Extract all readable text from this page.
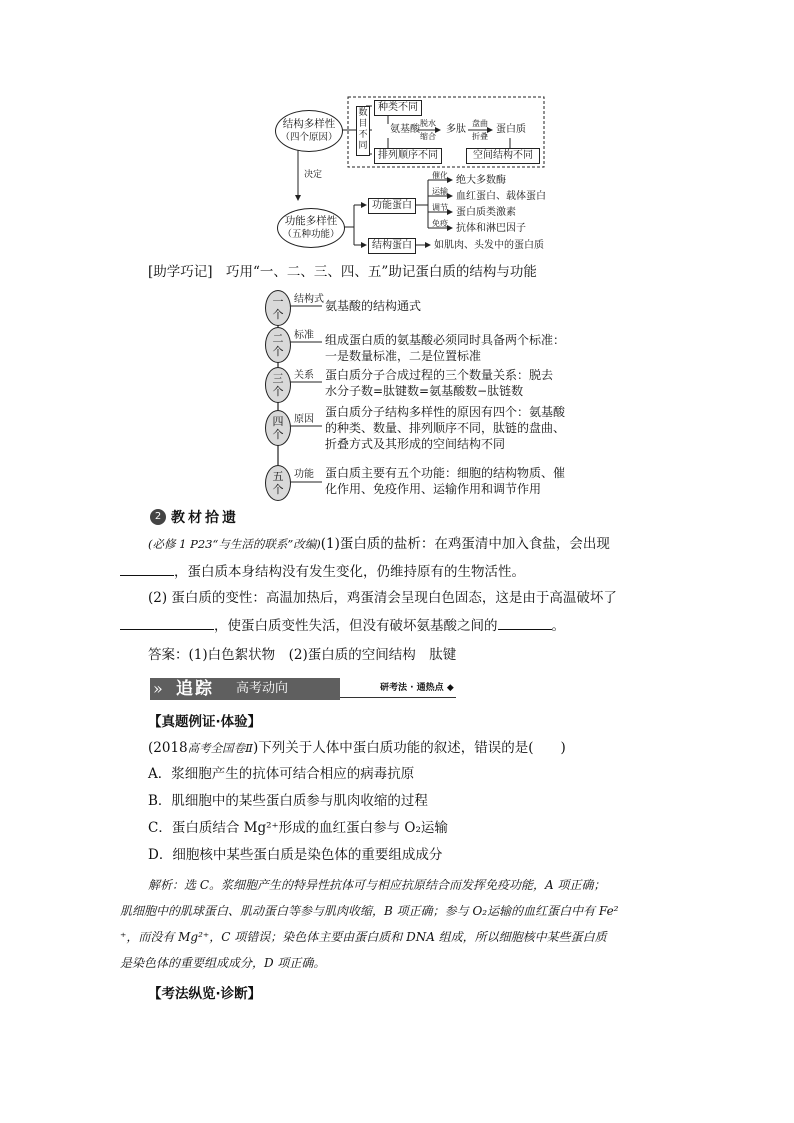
结构多样性
（四个原因）
决定
功能多样性
（五种功能）
数目不同
种类不同
氨基酸
脱水
缩合
多肽
盘曲
折叠
蛋白质
排列顺序不同	空间结构不同
功能蛋白
结构蛋白
催化
运输
调节
免疫
绝大多数酶
血红蛋白、载体蛋白
蛋白质类激素
抗体和淋巴因子
如肌肉、头发中的蛋白质
[助学巧记]　巧用“一、二、三、四、五”助记蛋白质的结构与功能
一
个
二
个
三
个
四
个
五
个
结构式
标准
关系
原因
功能
氨基酸的结构通式
组成蛋白质的氨基酸必须同时具备两个标准：
一是数量标准，二是位置标准
蛋白质分子合成过程的三个数量关系：脱去
水分子数=肽键数=氨基酸数−肽链数
蛋白质分子结构多样性的原因有四个：氨基酸
的种类、数量、排列顺序不同，肽链的盘曲、
折叠方式及其形成的空间结构不同
蛋白质主要有五个功能：细胞的结构物质、催
化作用、免疫作用、运输作用和调节作用
2 教材拾遗
(必修 1 P23“与生活的联系”改编)(1)蛋白质的盐析：在鸡蛋清中加入食盐，会出现
，蛋白质本身结构没有发生变化，仍维持原有的生物活性。
(2) 蛋白质的变性：高温加热后，鸡蛋清会呈现白色固态，这是由于高温破坏了
，使蛋白质变性失活，但没有破坏氨基酸之间的	。
答案：(1)白色絮状物　(2)蛋白质的空间结构　肽键
» 追踪 高考动向	研考法 · 通热点 ◆
【真题例证·体验】
(2018高考全国卷Ⅱ)下列关于人体中蛋白质功能的叙述，错误的是(　　)
A．浆细胞产生的抗体可结合相应的病毒抗原
B．肌细胞中的某些蛋白质参与肌肉收缩的过程
C．蛋白质结合 Mg²⁺形成的血红蛋白参与 O₂运输
D．细胞核中某些蛋白质是染色体的重要组成成分
解析：选 C。浆细胞产生的特异性抗体可与相应抗原结合而发挥免疫功能，A 项正确；
肌细胞中的肌球蛋白、肌动蛋白等参与肌肉收缩，B 项正确；参与 O₂运输的血红蛋白中有 Fe²
⁺，而没有 Mg²⁺，C 项错误；染色体主要由蛋白质和 DNA 组成，所以细胞核中某些蛋白质
是染色体的重要组成成分，D 项正确。
【考法纵览·诊断】
